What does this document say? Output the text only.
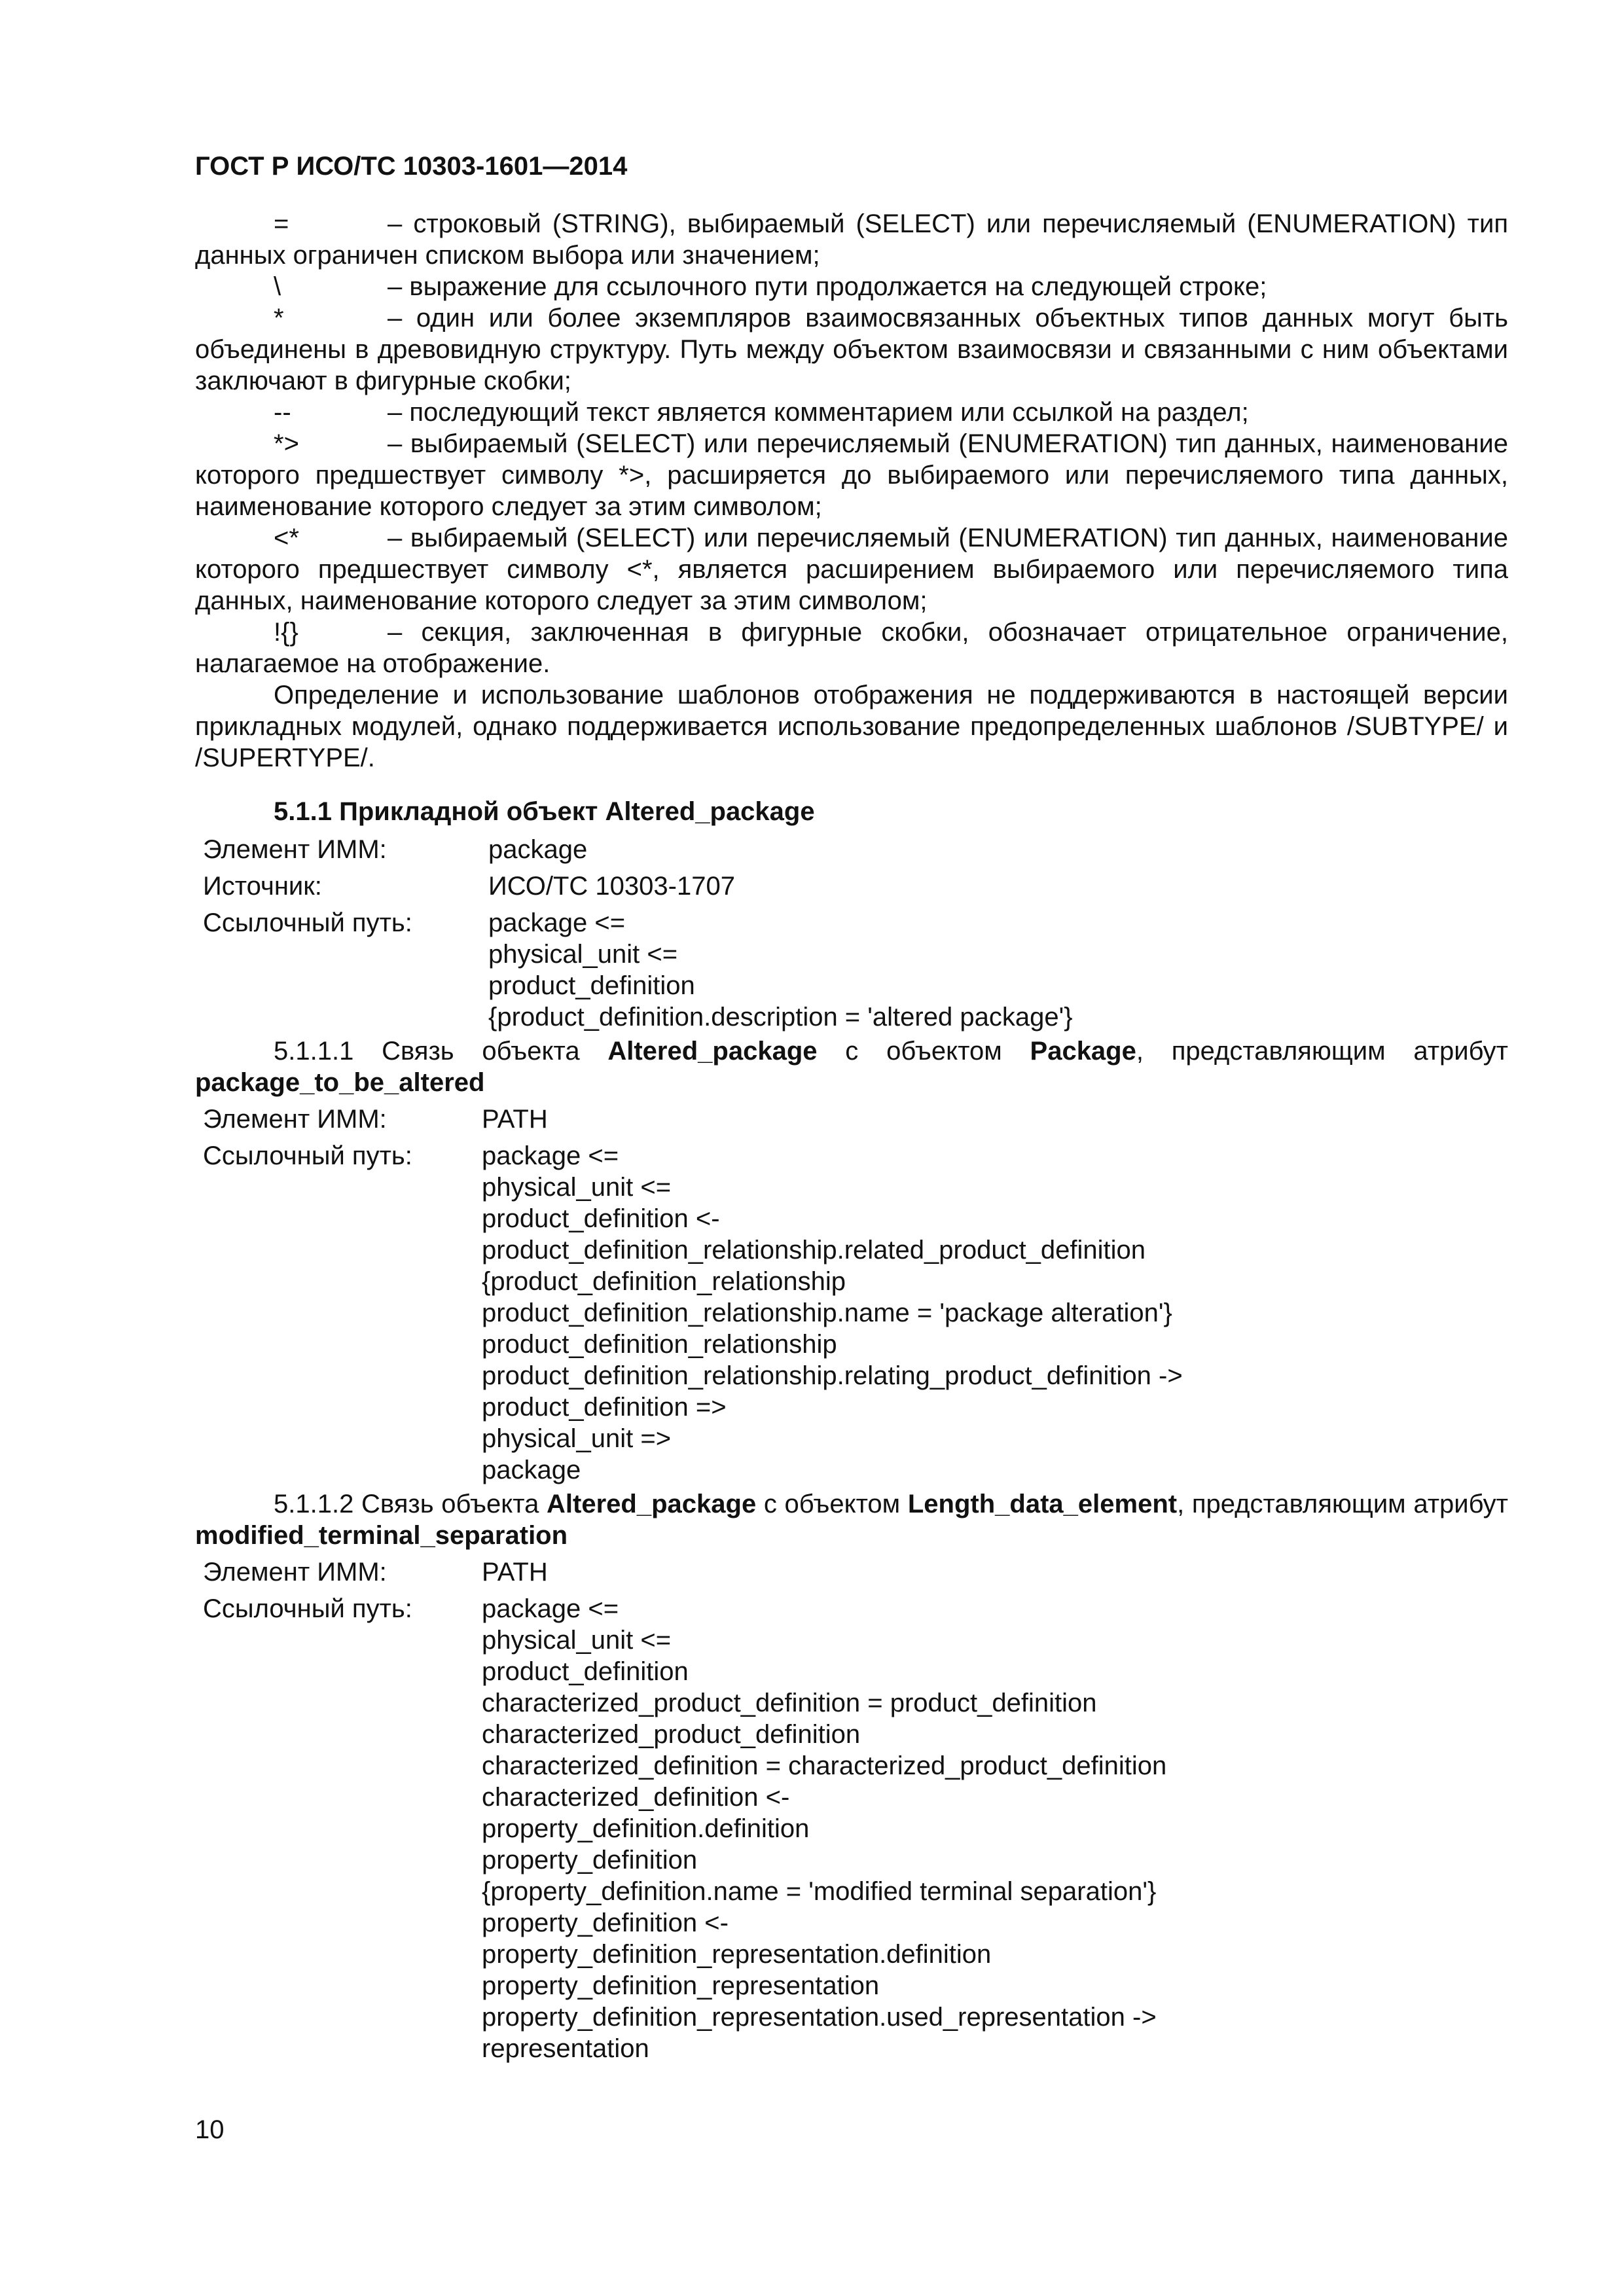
ГОСТ Р ИСО/ТС 10303-1601—2014
=	– строковый (STRING), выбираемый (SELECT) или перечисляемый (ENUMERATION) тип данных ограничен списком выбора или значением;
\	– выражение для ссылочного пути продолжается на следующей строке;
*	– один или более экземпляров взаимосвязанных объектных типов данных могут быть объединены в древовидную структуру. Путь между объектом взаимосвязи и связанными с ним объектами заключают в фигурные скобки;
--	– последующий текст является комментарием или ссылкой на раздел;
*>	– выбираемый (SELECT) или перечисляемый (ENUMERATION) тип данных, наименование которого предшествует символу *>, расширяется до выбираемого или перечисляемого типа данных, наименование которого следует за этим символом;
<*	– выбираемый (SELECT) или перечисляемый (ENUMERATION) тип данных, наименование которого предшествует символу <*, является расширением выбираемого или перечисляемого типа данных, наименование которого следует за этим символом;
!{}	– секция, заключенная в фигурные скобки, обозначает отрицательное ограничение, налагаемое на отображение.
Определение и использование шаблонов отображения не поддерживаются в настоящей версии прикладных модулей, однако поддерживается использование предопределенных шаблонов /SUBTYPE/ и /SUPERTYPE/.
5.1.1 Прикладной объект Altered_package
Элемент ИММ:	package
Источник:	ИСО/ТС 10303-1707
Ссылочный путь:	package <=
physical_unit <=
product_definition
{product_definition.description = 'altered package'}
5.1.1.1 Связь объекта Altered_package с объектом Package, представляющим атрибут package_to_be_altered
Элемент ИММ:	PATH
Ссылочный путь:	package <=
physical_unit <=
product_definition <-
product_definition_relationship.related_product_definition
{product_definition_relationship
product_definition_relationship.name = 'package alteration'}
product_definition_relationship
product_definition_relationship.relating_product_definition ->
product_definition =>
physical_unit =>
package
5.1.1.2 Связь объекта Altered_package с объектом Length_data_element, представляющим атрибут modified_terminal_separation
Элемент ИММ:	PATH
Ссылочный путь:	package <=
physical_unit <=
product_definition
characterized_product_definition = product_definition
characterized_product_definition
characterized_definition = characterized_product_definition
characterized_definition <-
property_definition.definition
property_definition
{property_definition.name = 'modified terminal separation'}
property_definition <-
property_definition_representation.definition
property_definition_representation
property_definition_representation.used_representation ->
representation
10
